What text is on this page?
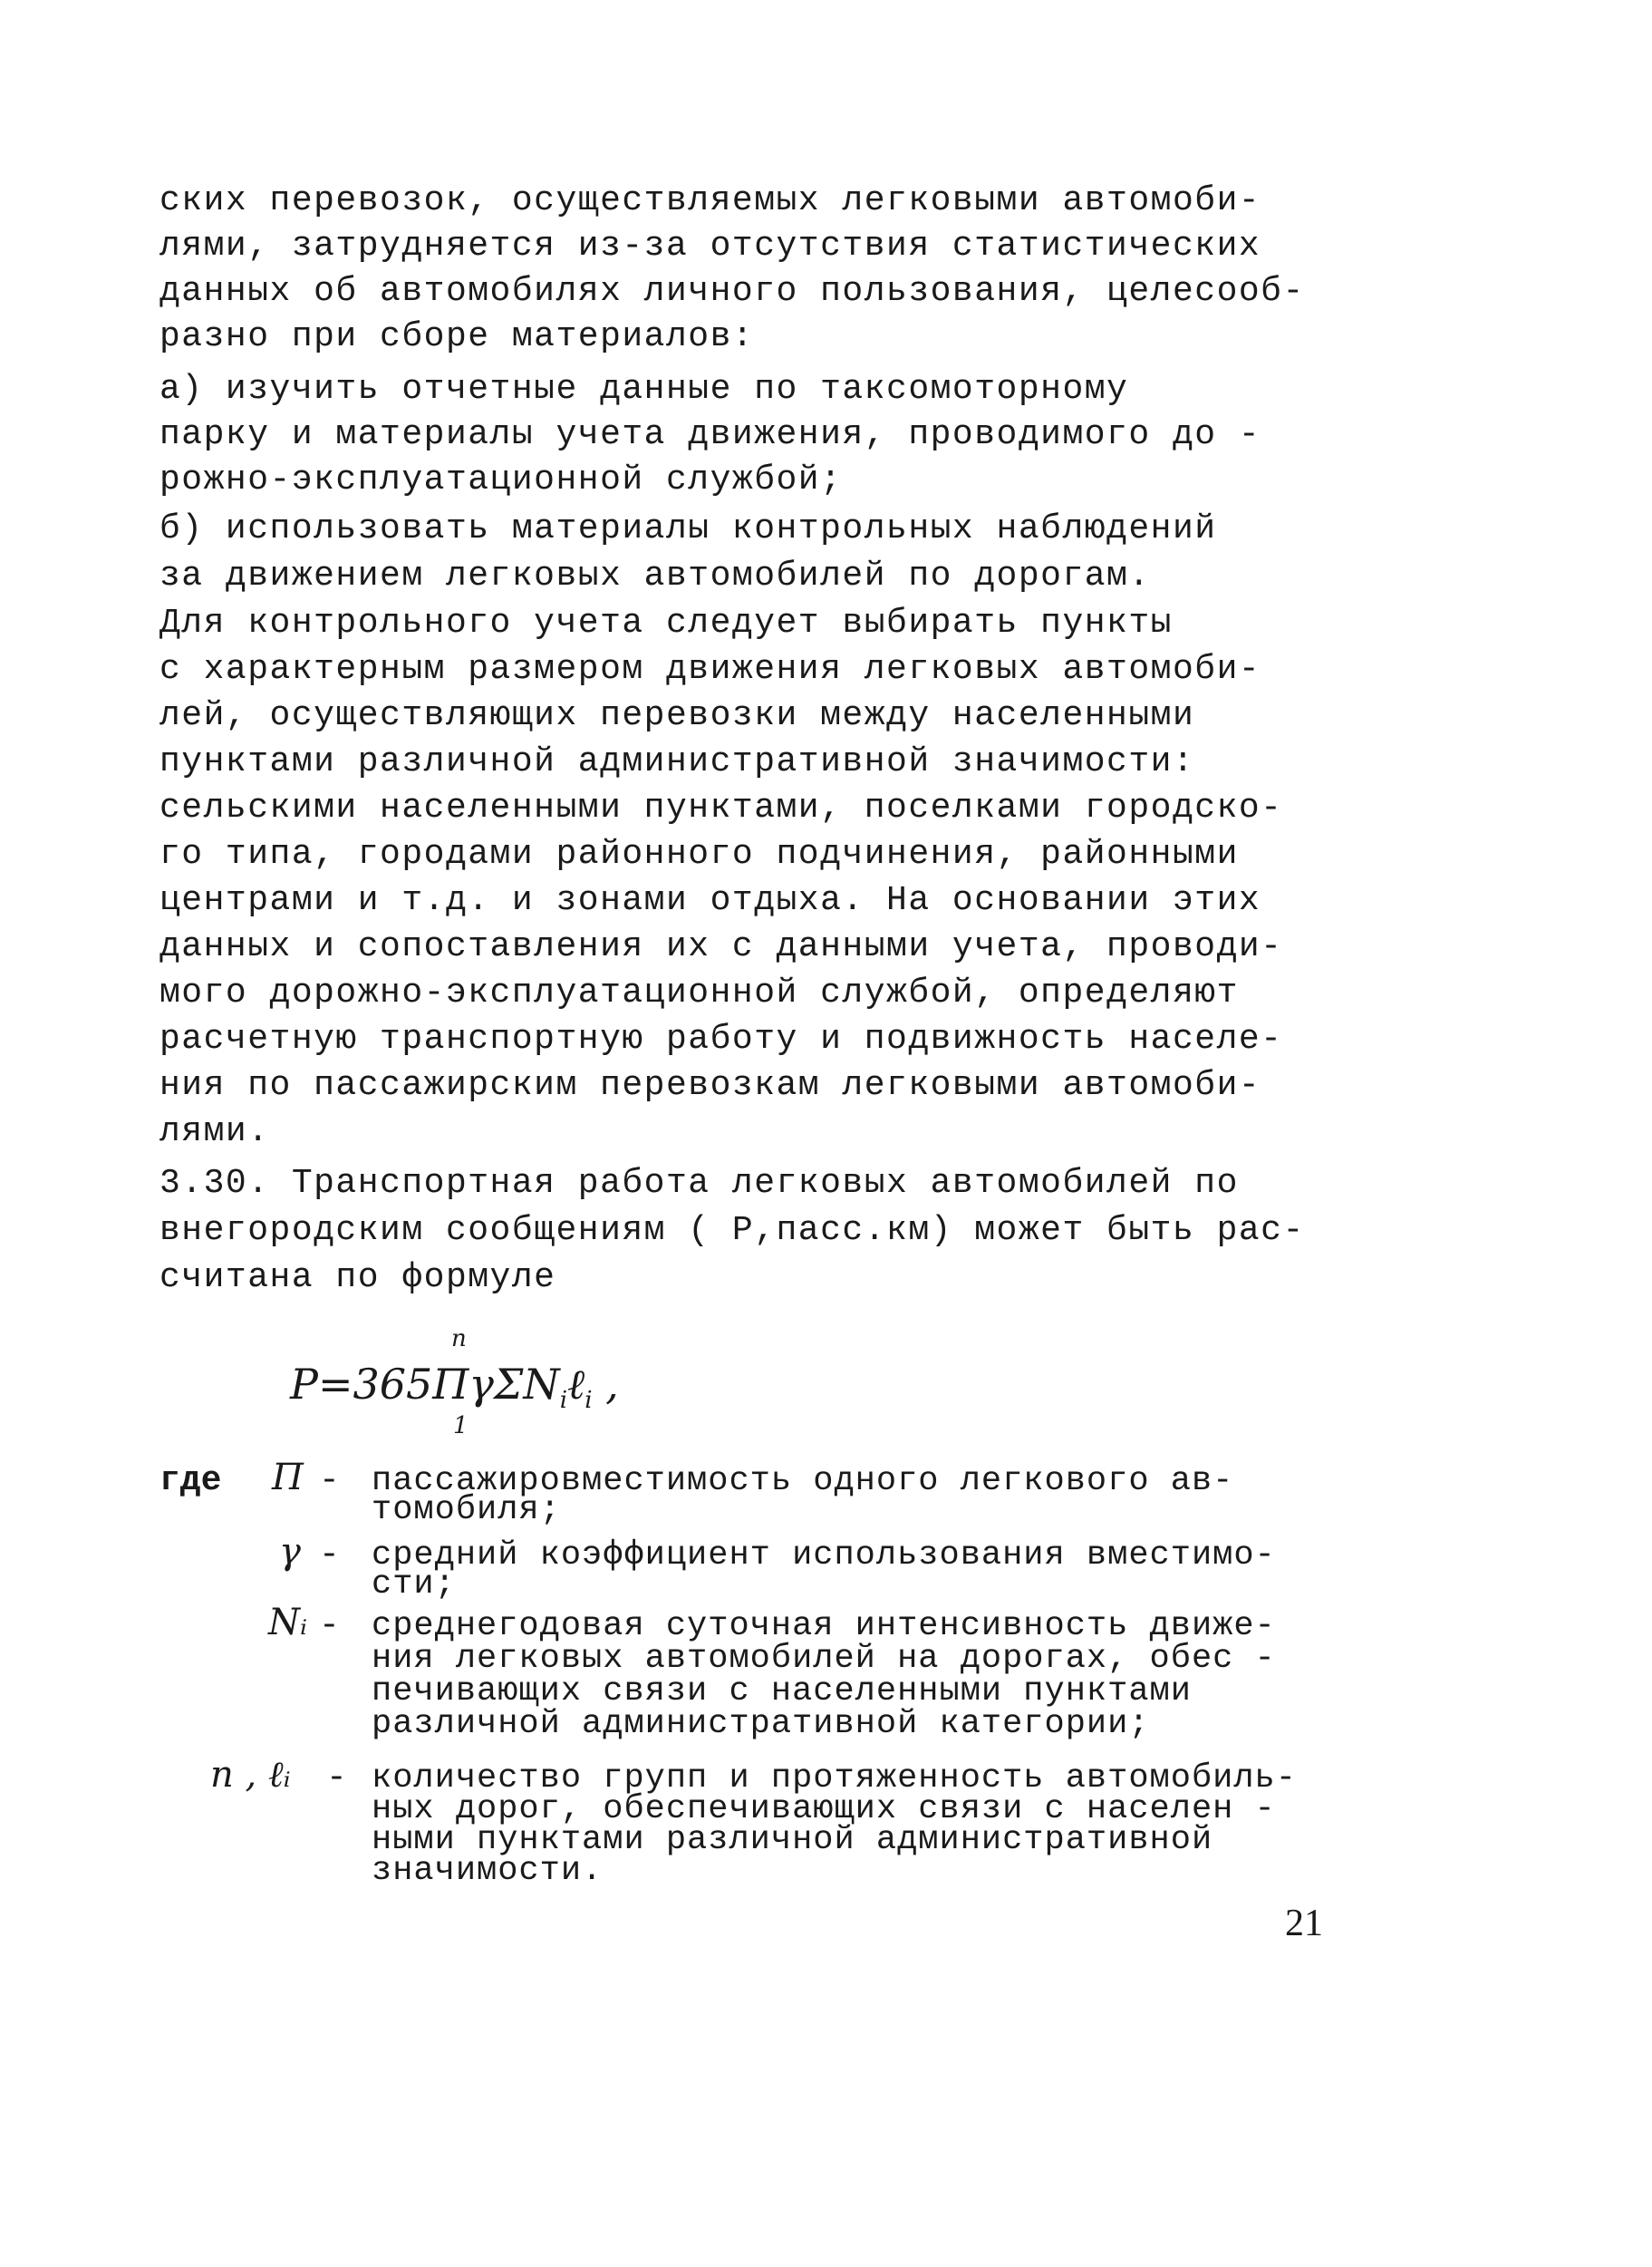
ских перевозок, осуществляемых легковыми автомоби-
лями, затрудняется из-за отсутствия статистических
данных об автомобилях личного пользования, целесооб-
разно при сборе материалов:
а) изучить отчетные данные по таксомоторному
парку и материалы учета движения, проводимого до -
рожно-эксплуатационной службой;
б) использовать материалы контрольных наблюдений
за движением легковых автомобилей по дорогам.
Для контрольного учета следует выбирать пункты
с характерным размером движения легковых автомоби-
лей, осуществляющих перевозки между населенными
пунктами различной административной значимости:
сельскими населенными пунктами, поселками городско-
го типа, городами районного подчинения, районными
центрами и т.д. и зонами отдыха. На основании этих
данных и сопоставления их с данными учета, проводи-
мого дорожно-эксплуатационной службой, определяют
расчетную транспортную работу и подвижность населе-
ния по пассажирским перевозкам легковыми автомоби-
лями.
3.30. Транспортная работа легковых автомобилей по
внегородским сообщениям ( Р,пасс.км) может быть рас-
считана по формуле
Р=365ПγΣN$_i$ℓ$_i$ ,
n
1
где П - пассажировместимость одного легкового ав-
томобиля;
γ - средний коэффициент использования вместимо-
сти;
Nᵢ - среднегодовая суточная интенсивность движе-
ния легковых автомобилей на дорогах, обес -
печивающих связи с населенными пунктами
различной административной категории;
n , ℓᵢ - количество групп и протяженность автомобиль-
ных дорог, обеспечивающих связи с населен -
ными пунктами различной административной
значимости.
21
